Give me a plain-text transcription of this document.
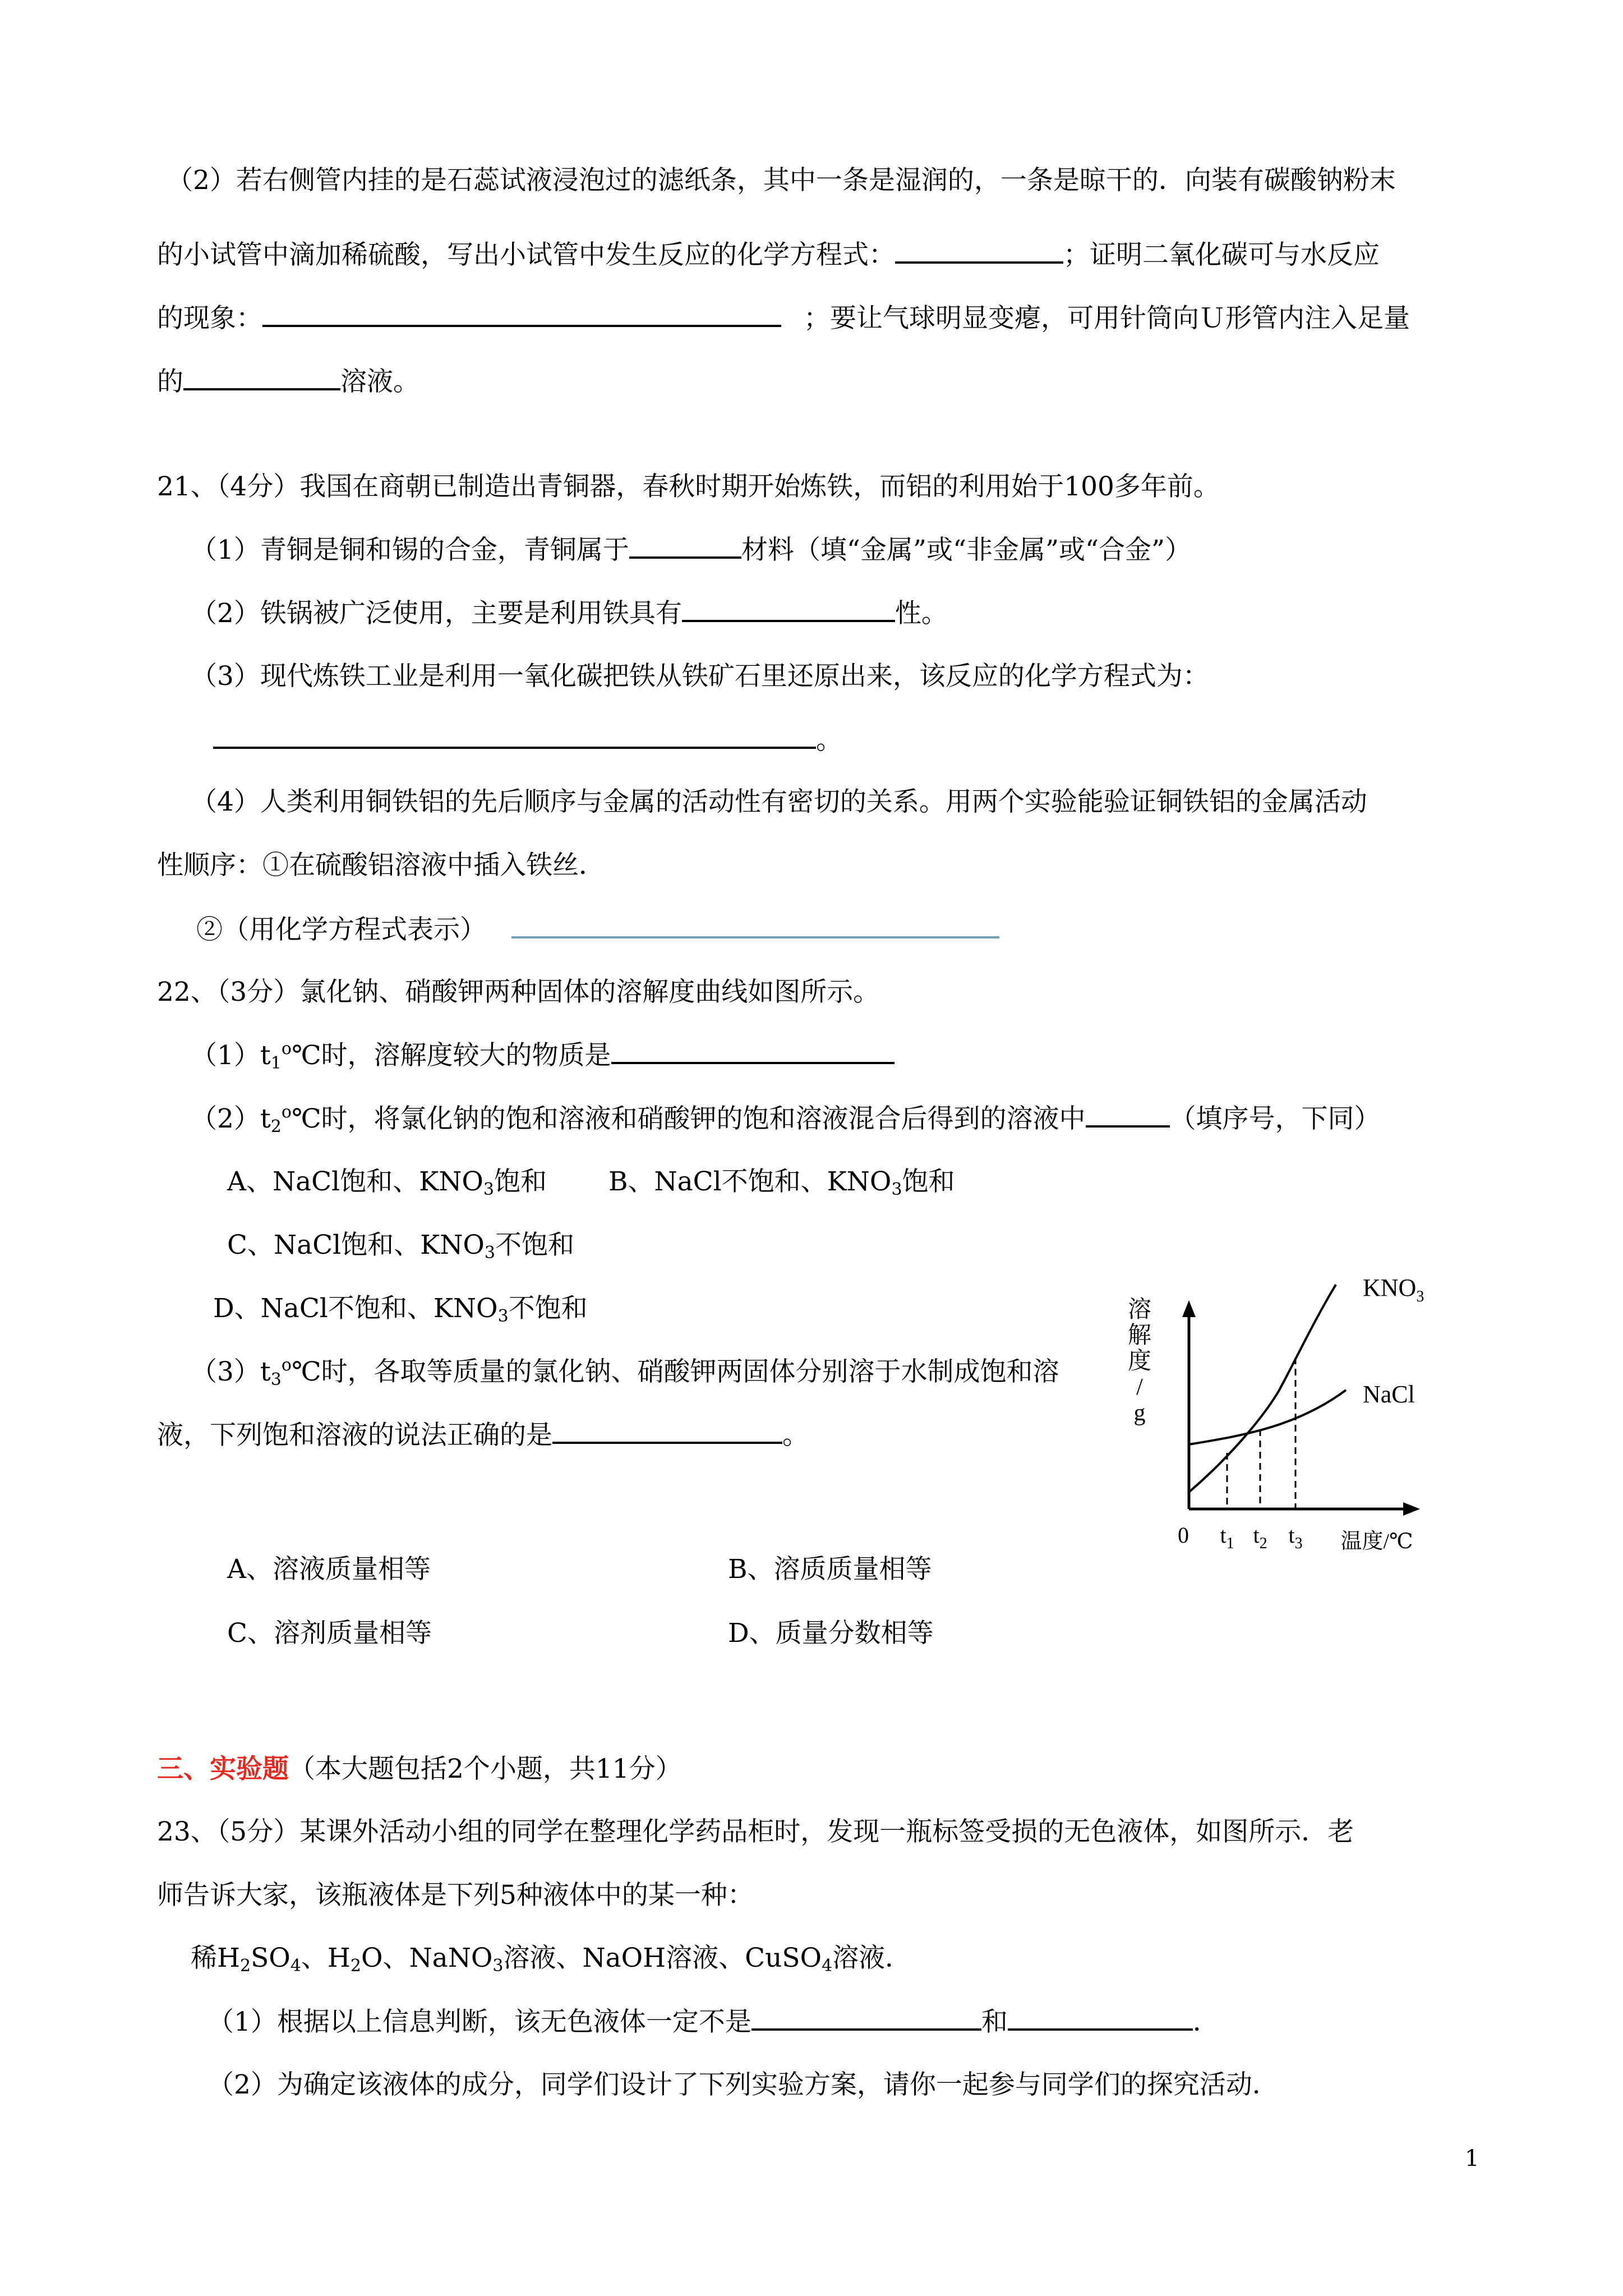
（2）若右侧管内挂的是石蕊试液浸泡过的滤纸条，其中一条是湿润的，一条是晾干的．向装有碳酸钠粉末
的小试管中滴加稀硫酸，写出小试管中发生反应的化学方程式：	；证明二氧化碳可与水反应
的现象：	；要让气球明显变瘪，可用针筒向Ｕ形管内注入足量
的	溶液。
21、（4分）我国在商朝已制造出青铜器，春秋时期开始炼铁，而铝的利用始于100多年前。
（1）青铜是铜和锡的合金，青铜属于	材料（填“金属”或“非金属”或“合金”）
（2）铁锅被广泛使用，主要是利用铁具有	性。
（3）现代炼铁工业是利用一氧化碳把铁从铁矿石里还原出来，该反应的化学方程式为：
。
（4）人类利用铜铁铝的先后顺序与金属的活动性有密切的关系。用两个实验能验证铜铁铝的金属活动
性顺序：①在硫酸铝溶液中插入铁丝．
②（用化学方程式表示）
22、（3分）氯化钠、硝酸钾两种固体的溶解度曲线如图所示。
$(1)t_1^o℃$时，溶解度较大的物质是
$(2)t_2^o℃$时，将氯化钠的饱和溶液和硝酸钾的饱和溶液混合后得到的溶液中	（填序号，下同）
A、NaCl饱和、$KNO_3$饱和 B、NaCl不饱和、$KNO_3$饱和
C、NaCl饱和、$KNO_3$不饱和
D、NaCl不饱和、$KNO_3$不饱和
$(3)t_3^o℃$时，各取等质量的氯化钠、硝酸钾两固体分别溶于水制成饱和溶
液，下列饱和溶液的说法正确的是	。
A、溶液质量相等	B、溶质质量相等
C、溶剂质量相等	D、质量分数相等
溶解度/ g
$KNO_3$
NaCl
0 $t_1$ $t_2$ $t_3$ 温度/℃
三、实验题（本大题包括2个小题，共11分）
23、（5分）某课外活动小组的同学在整理化学药品柜时，发现一瓶标签受损的无色液体，如图所示．老
师告诉大家，该瓶液体是下列5种液体中的某一种：
稀$H_2SO_4$、$H_2O$、NaNO$_3$溶液、NaOH溶液、CuSO$_4$溶液．
（1）根据以上信息判断，该无色液体一定不是	和	．
（2）为确定该液体的成分，同学们设计了下列实验方案，请你一起参与同学们的探究活动．
1
